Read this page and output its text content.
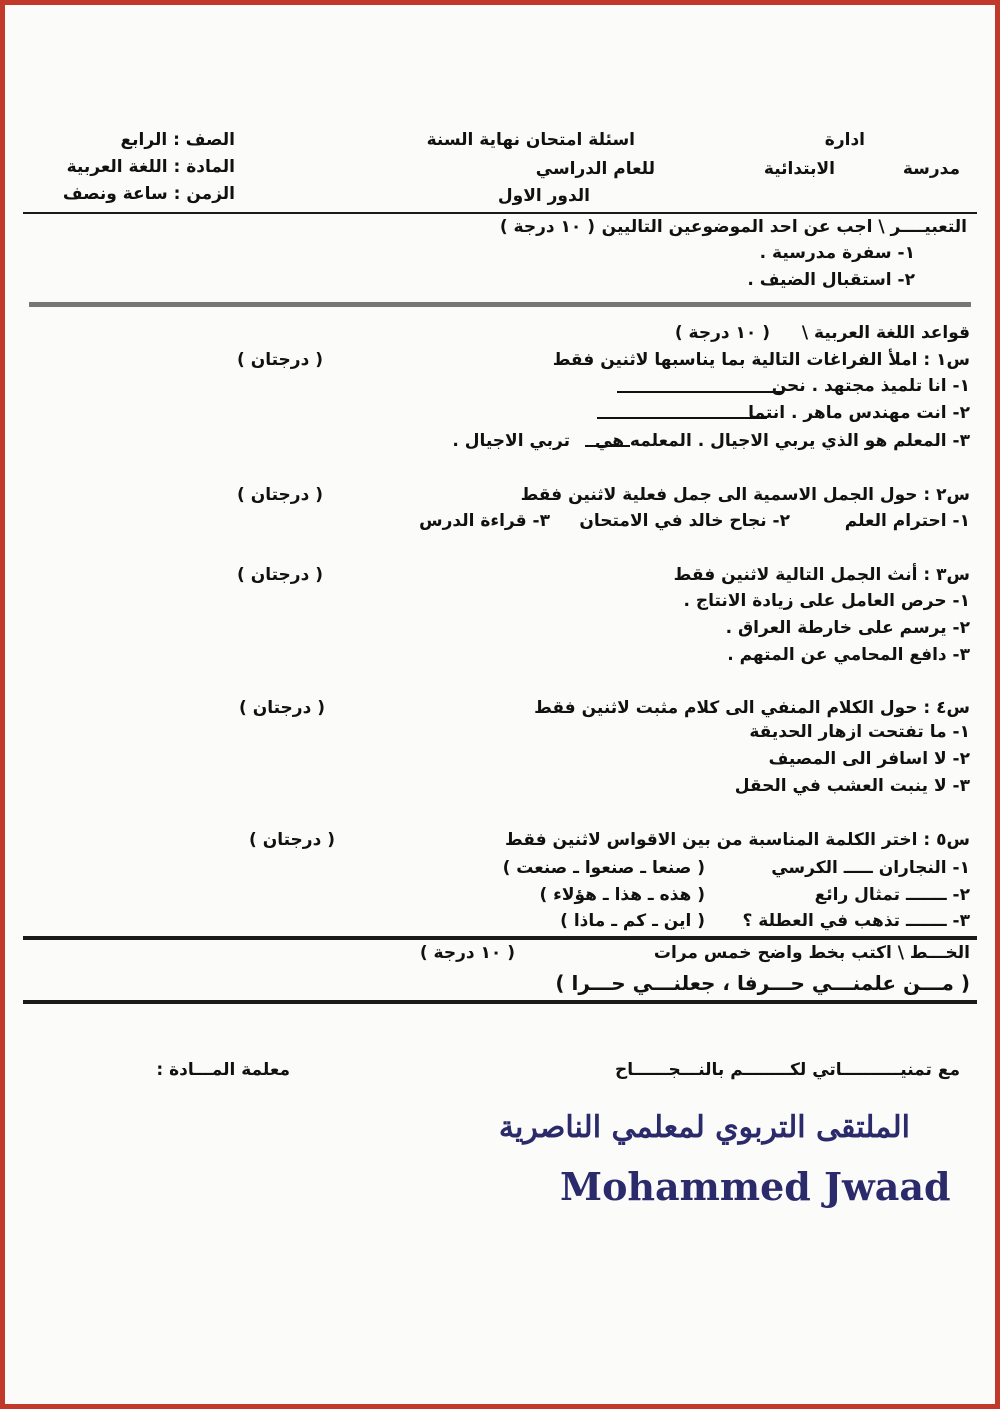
ادارة
مدرسة
الابتدائية
اسئلة امتحان نهاية السنة
للعام الدراسي
الدور الاول
الصف : الرابع
المادة : اللغة العربية
الزمن : ساعة ونصف
التعبيــــر \ اجب عن احد الموضوعين التاليين
( ١٠ درجة )
١- سفرة مدرسية .
٢- استقبال الضيف .
قواعد اللغة العربية \
( ١٠ درجة )
س١ : املأ الفراغات التالية بما يناسبها لاثنين فقط
( درجتان )
١- انا تلميذ مجتهد . نحن
٢- انت مهندس ماهر . انتما
٣- المعلم هو الذي يربي الاجيال . المعلمه هي
تربي الاجيال .
س٢ : حول الجمل الاسمية الى جمل فعلية لاثنين فقط
( درجتان )
١- احترام العلم
٢- نجاح خالد في الامتحان
٣- قراءة الدرس
س٣ : أنث الجمل التالية لاثنين فقط
( درجتان )
١- حرص العامل على زيادة الانتاج .
٢- يرسم على خارطة العراق .
٣- دافع المحامي عن المتهم .
س٤ : حول الكلام المنفي الى كلام مثبت لاثنين فقط
( درجتان )
١- ما تفتحت ازهار الحديقة
٢- لا اسافر الى المصيف
٣- لا ينبت العشب في الحقل
س٥ : اختر الكلمة المناسبة من بين الاقواس لاثنين فقط
( درجتان )
١- النجاران ـــــ الكرسي
( صنعا ـ صنعوا ـ صنعت )
٢- ـــــــ تمثال رائع
( هذه ـ هذا ـ هؤلاء )
٣- ـــــــ تذهب في العطلة ؟
( اين ـ كم ـ ماذا )
الخـــط \ اكتب بخط واضح خمس مرات
( ١٠ درجة )
( مـــن علمنـــي حـــرفا ، جعلنـــي حـــرا )
مع تمنيــــــــــاتي لكــــــــم بالنـــجــــــاح
معلمة المـــادة :
الملتقى التربوي لمعلمي الناصرية
Mohammed Jwaad
